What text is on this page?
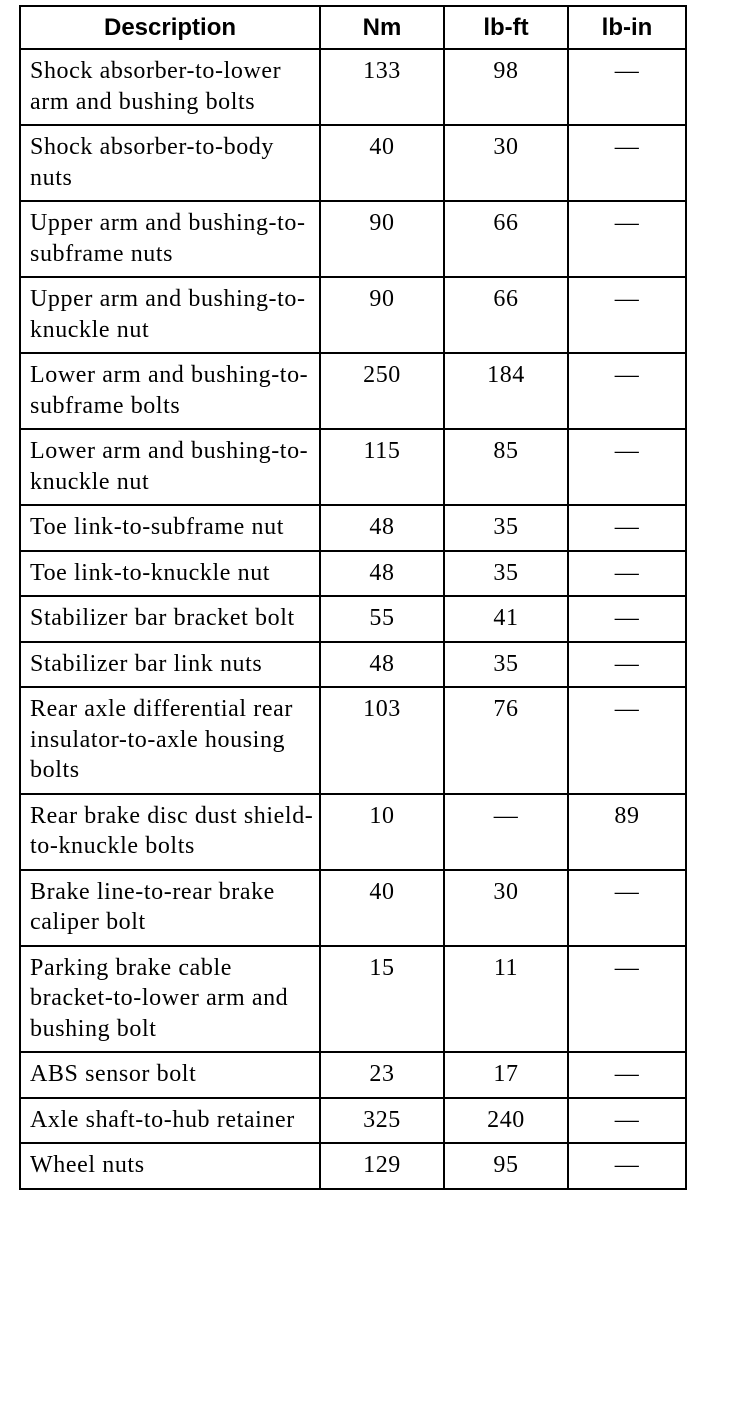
Description	Nm	lb-ft	lb-in
Shock absorber-to-lower arm and bushing bolts	133	98	—
Shock absorber-to-body nuts	40	30	—
Upper arm and bushing-to-subframe nuts	90	66	—
Upper arm and bushing-to-knuckle nut	90	66	—
Lower arm and bushing-to-subframe bolts	250	184	—
Lower arm and bushing-to-knuckle nut	115	85	—
Toe link-to-subframe nut	48	35	—
Toe link-to-knuckle nut	48	35	—
Stabilizer bar bracket bolt	55	41	—
Stabilizer bar link nuts	48	35	—
Rear axle differential rear insulator-to-axle housing bolts	103	76	—
Rear brake disc dust shield-to-knuckle bolts	10	—	89
Brake line-to-rear brake caliper bolt	40	30	—
Parking brake cable bracket-to-lower arm and bushing bolt	15	11	—
ABS sensor bolt	23	17	—
Axle shaft-to-hub retainer	325	240	—
Wheel nuts	129	95	—
